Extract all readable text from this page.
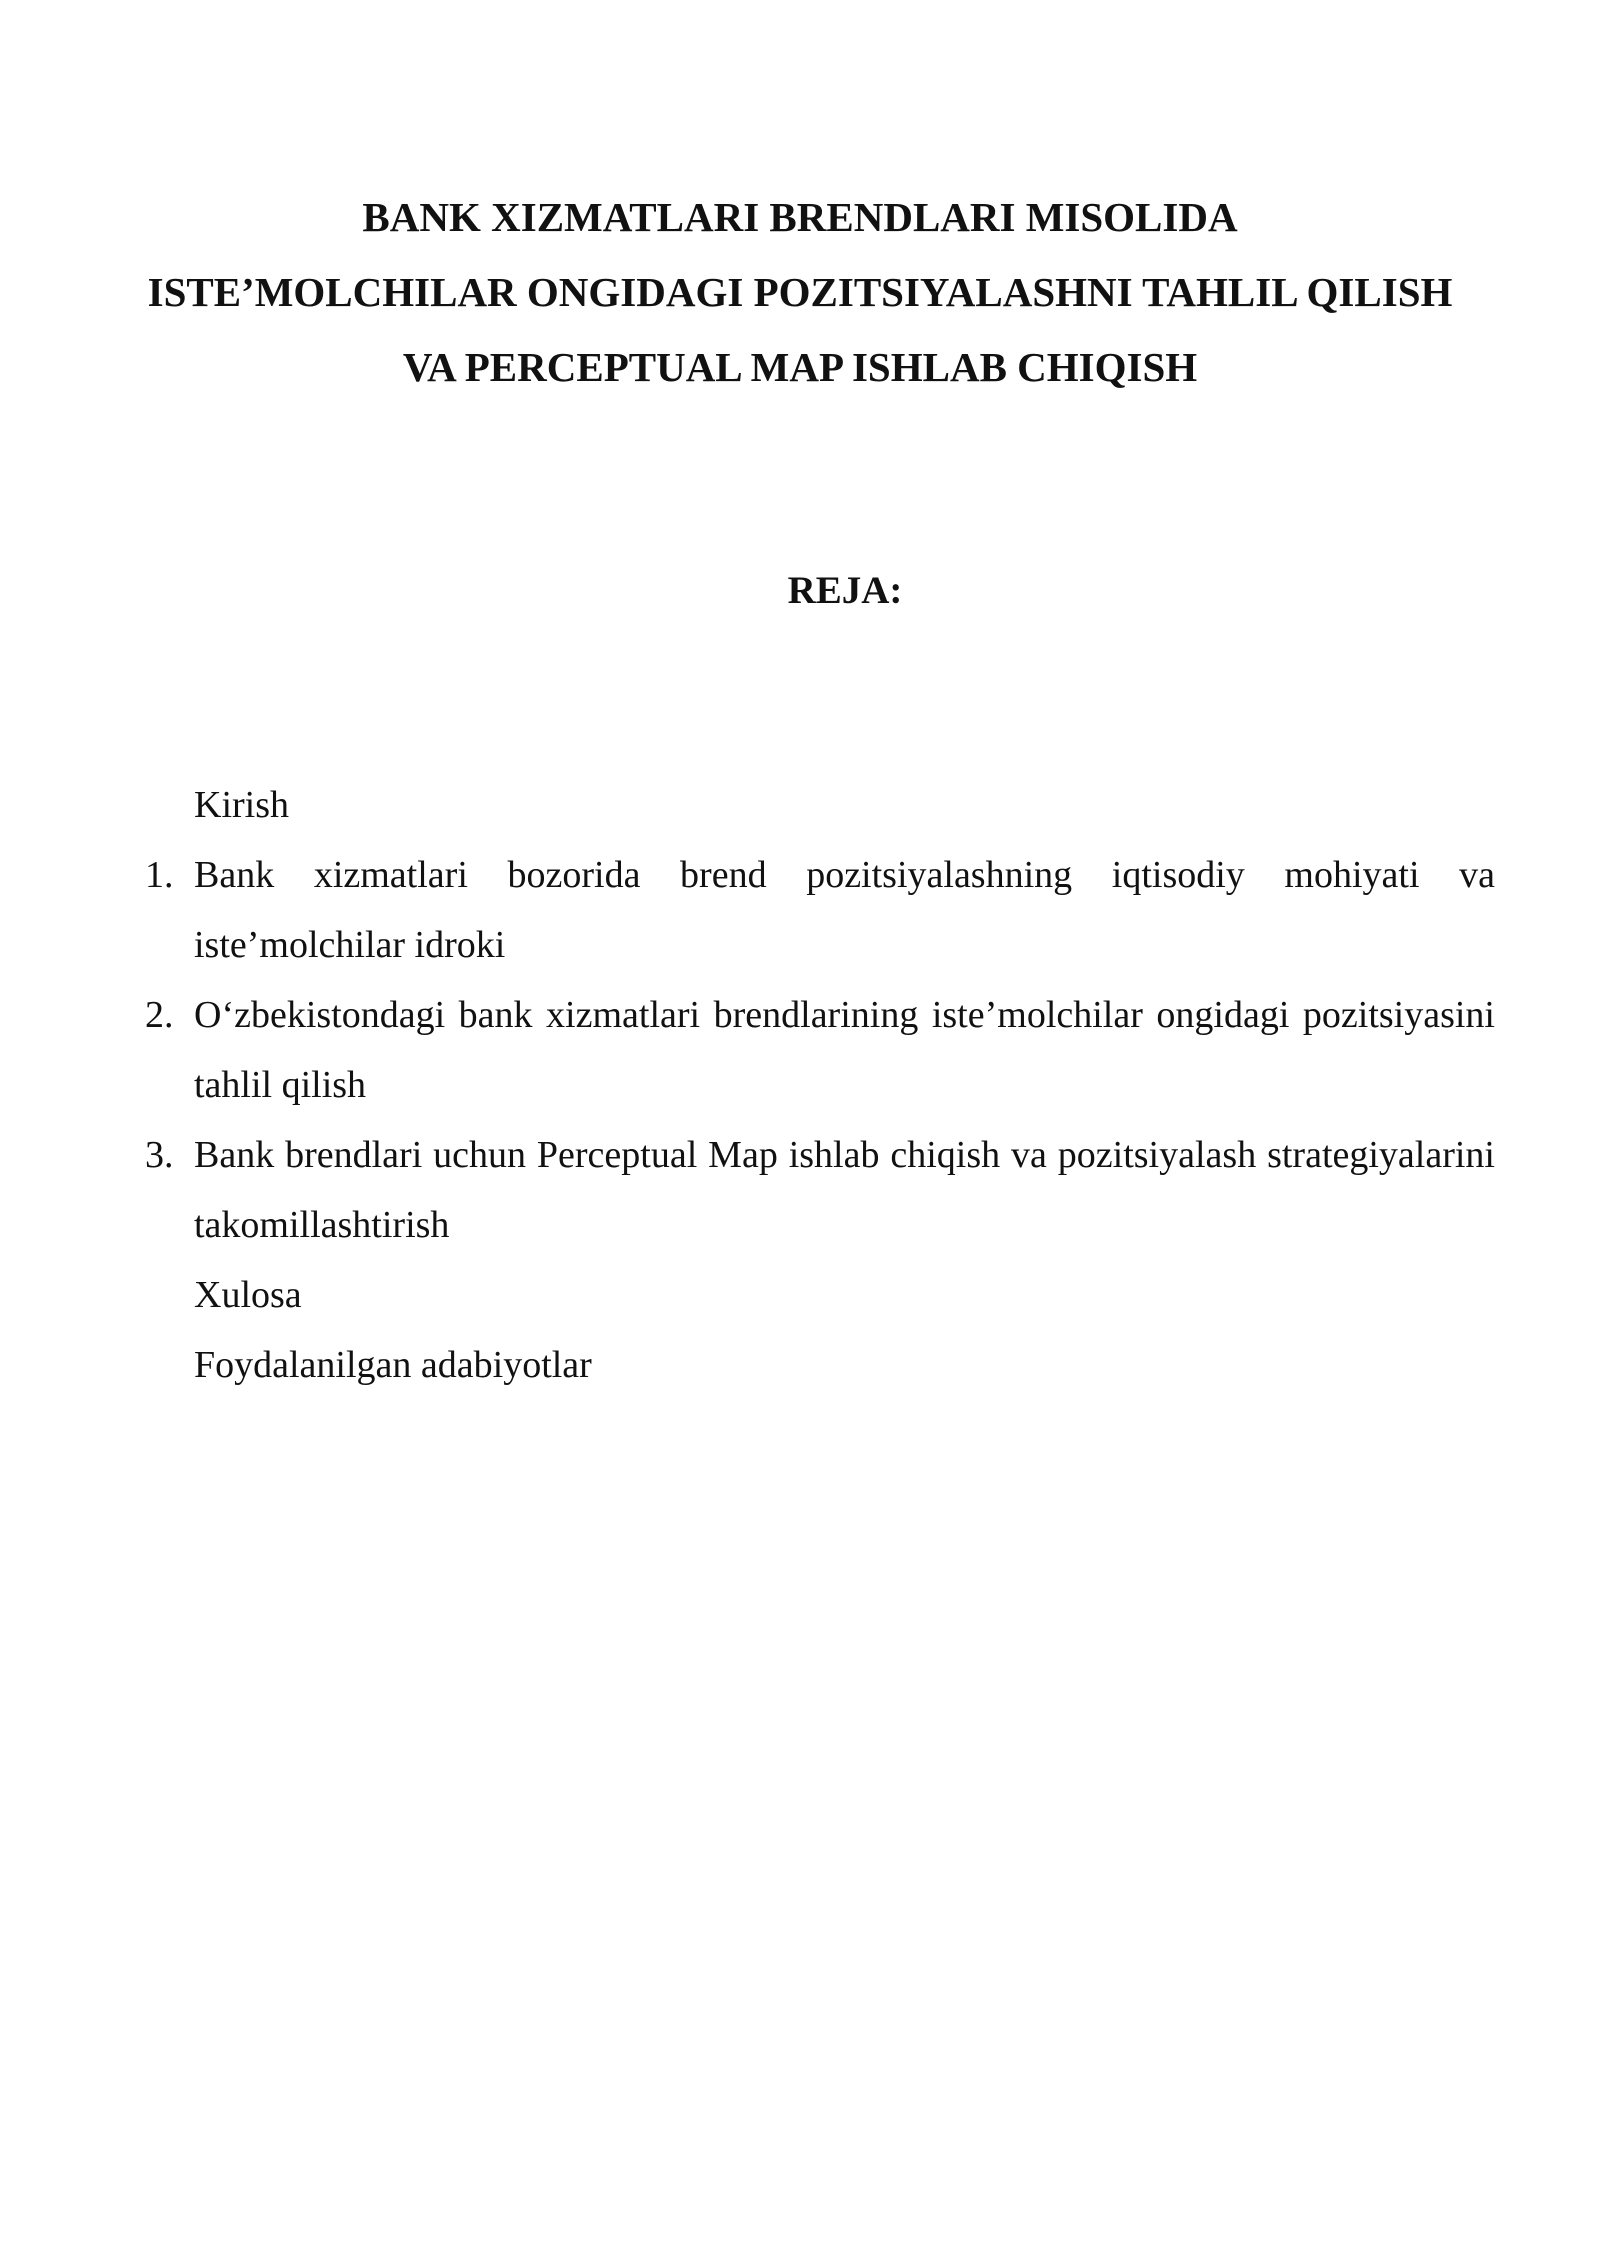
BANK XIZMATLARI BRENDLARI MISOLIDA
ISTE’MOLCHILAR ONGIDAGI POZITSIYALASHNI TAHLIL QILISH
VA PERCEPTUAL MAP ISHLAB CHIQISH
REJA:
Kirish
1. Bank xizmatlari bozorida brend pozitsiyalashning iqtisodiy mohiyati va iste’molchilar idroki
2. O‘zbekistondagi bank xizmatlari brendlarining iste’molchilar ongidagi pozitsiyasini tahlil qilish
3. Bank brendlari uchun Perceptual Map ishlab chiqish va pozitsiyalash strategiyalarini takomillashtirish
Xulosa
Foydalanilgan adabiyotlar
